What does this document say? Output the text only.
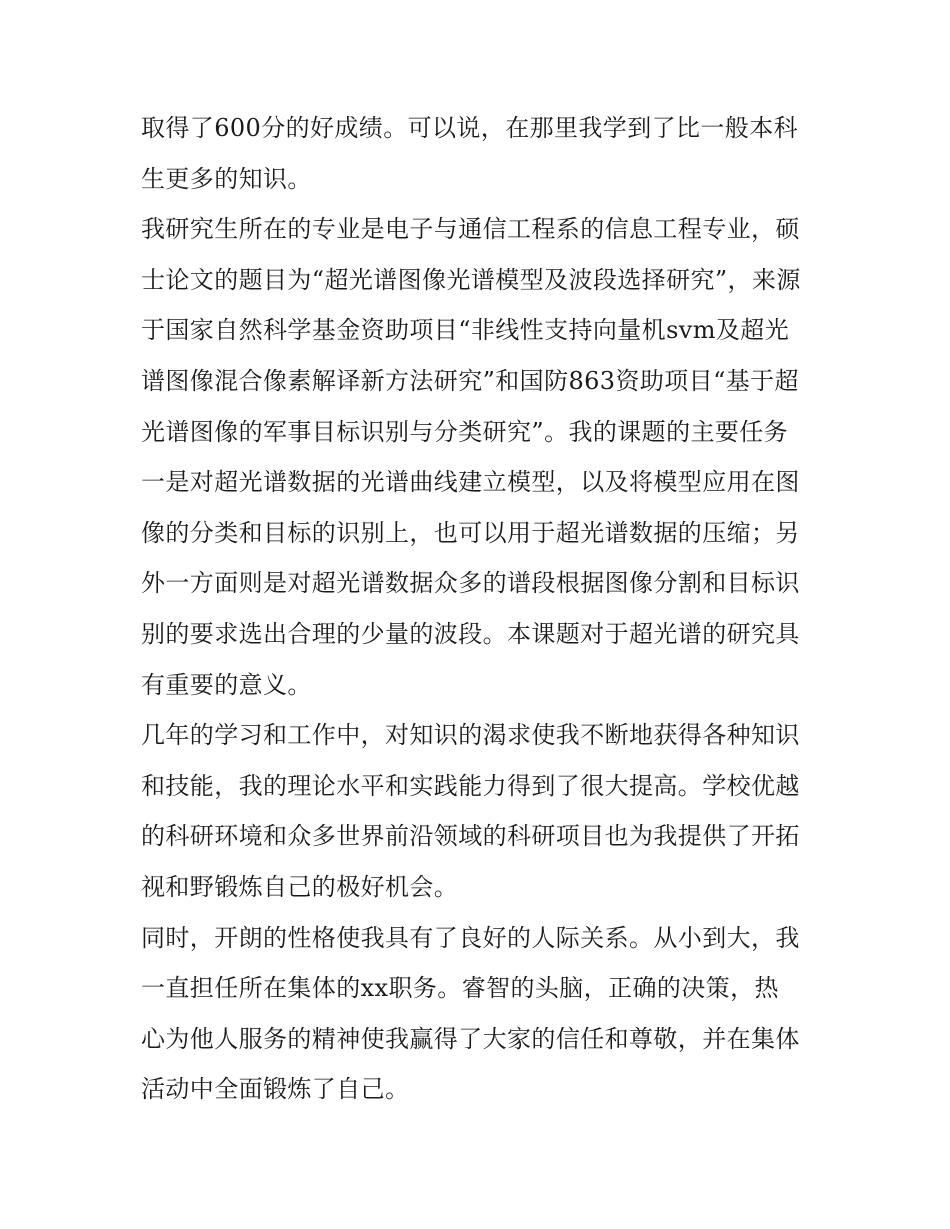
取得了600分的好成绩。可以说，在那里我学到了比一般本科
生更多的知识。
我研究生所在的专业是电子与通信工程系的信息工程专业，硕
士论文的题目为“超光谱图像光谱模型及波段选择研究”，来源
于国家自然科学基金资助项目“非线性支持向量机svm及超光
谱图像混合像素解译新方法研究”和国防863资助项目“基于超
光谱图像的军事目标识别与分类研究”。我的课题的主要任务
一是对超光谱数据的光谱曲线建立模型，以及将模型应用在图
像的分类和目标的识别上，也可以用于超光谱数据的压缩；另
外一方面则是对超光谱数据众多的谱段根据图像分割和目标识
别的要求选出合理的少量的波段。本课题对于超光谱的研究具
有重要的意义。
几年的学习和工作中，对知识的渴求使我不断地获得各种知识
和技能，我的理论水平和实践能力得到了很大提高。学校优越
的科研环境和众多世界前沿领域的科研项目也为我提供了开拓
视和野锻炼自己的极好机会。
同时，开朗的性格使我具有了良好的人际关系。从小到大，我
一直担任所在集体的xx职务。睿智的头脑，正确的决策，热
心为他人服务的精神使我赢得了大家的信任和尊敬，并在集体
活动中全面锻炼了自己。
